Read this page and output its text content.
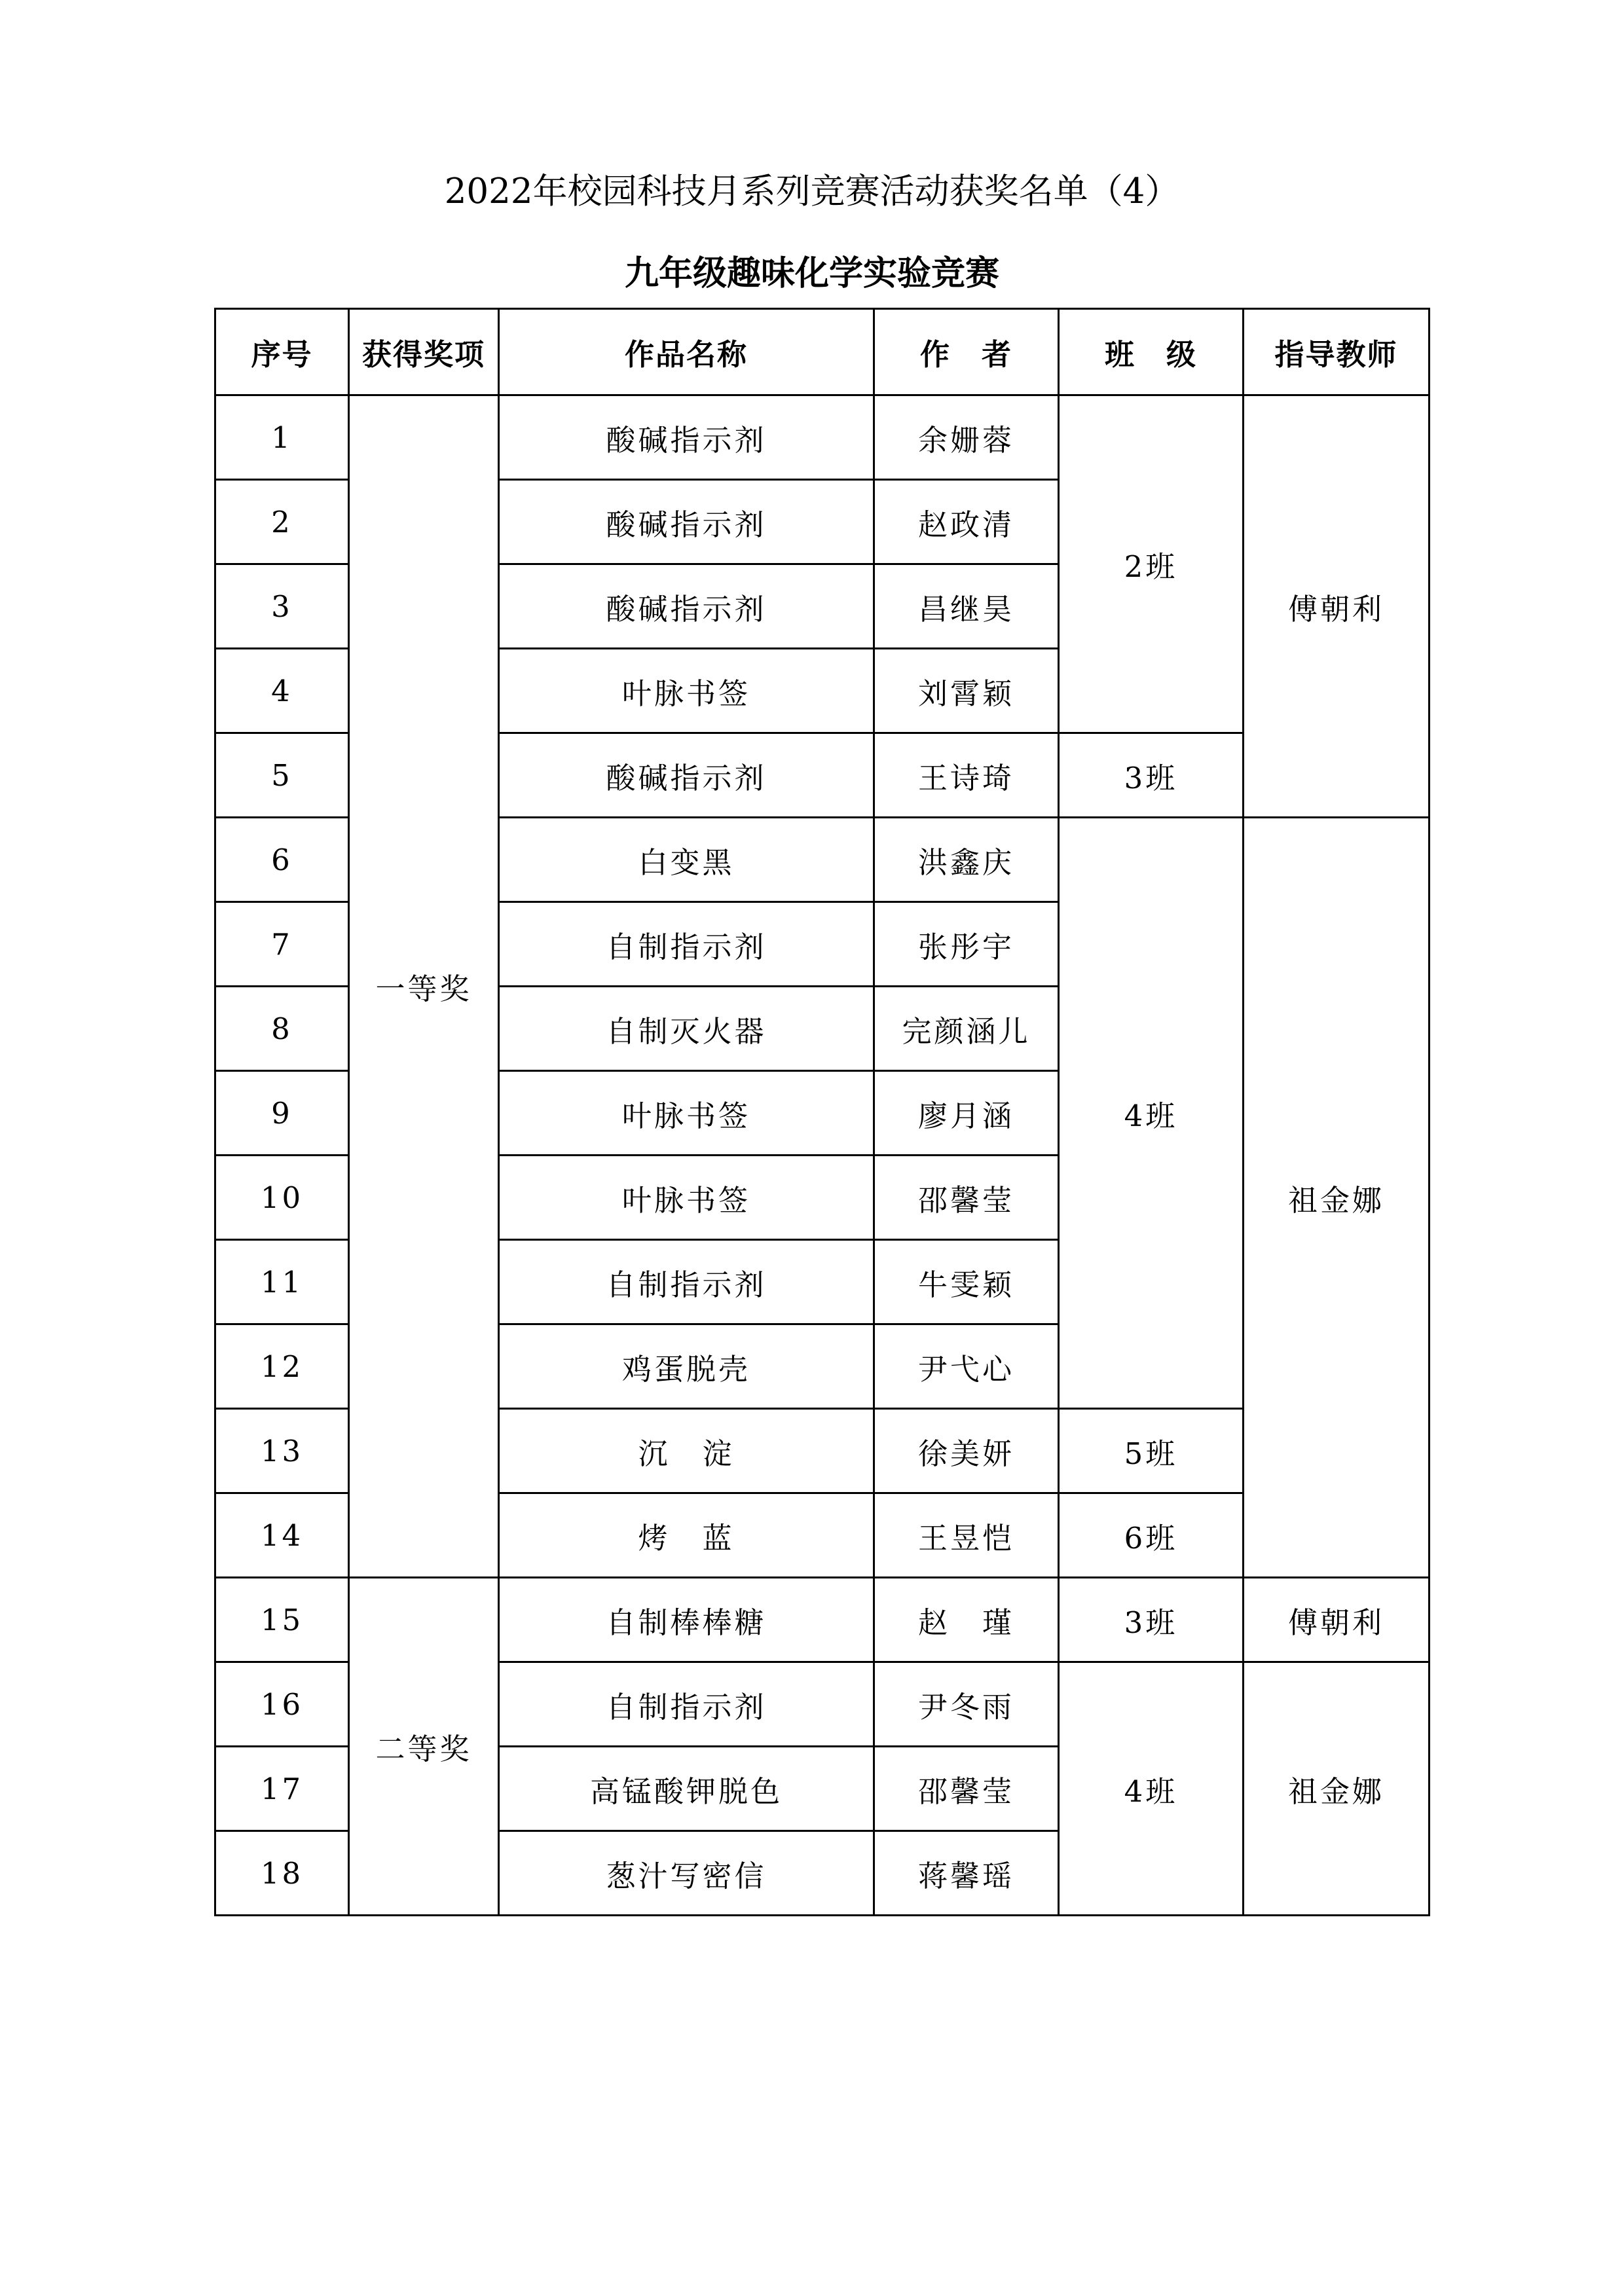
2022年校园科技月系列竞赛活动获奖名单（4）
九年级趣味化学实验竞赛
序号	获得奖项	作品名称	作　者	班　级	指导教师
1	一等奖	酸碱指示剂	余姗蓉	2班	傅朝利
2		酸碱指示剂	赵政清		
3		酸碱指示剂	昌继昊		
4		叶脉书签	刘霄颖		
5		酸碱指示剂	王诗琦	3班	
6		白变黑	洪鑫庆	4班	祖金娜
7		自制指示剂	张彤宇		
8		自制灭火器	完颜涵儿		
9		叶脉书签	廖月涵		
10		叶脉书签	邵馨莹		
11		自制指示剂	牛雯颖		
12		鸡蛋脱壳	尹弋心		
13		沉　淀	徐美妍	5班	
14		烤　蓝	王昱恺	6班	
15	二等奖	自制棒棒糖	赵　瑾	3班	傅朝利
16		自制指示剂	尹冬雨	4班	祖金娜
17		高锰酸钾脱色	邵馨莹		
18		葱汁写密信	蒋馨瑶		
